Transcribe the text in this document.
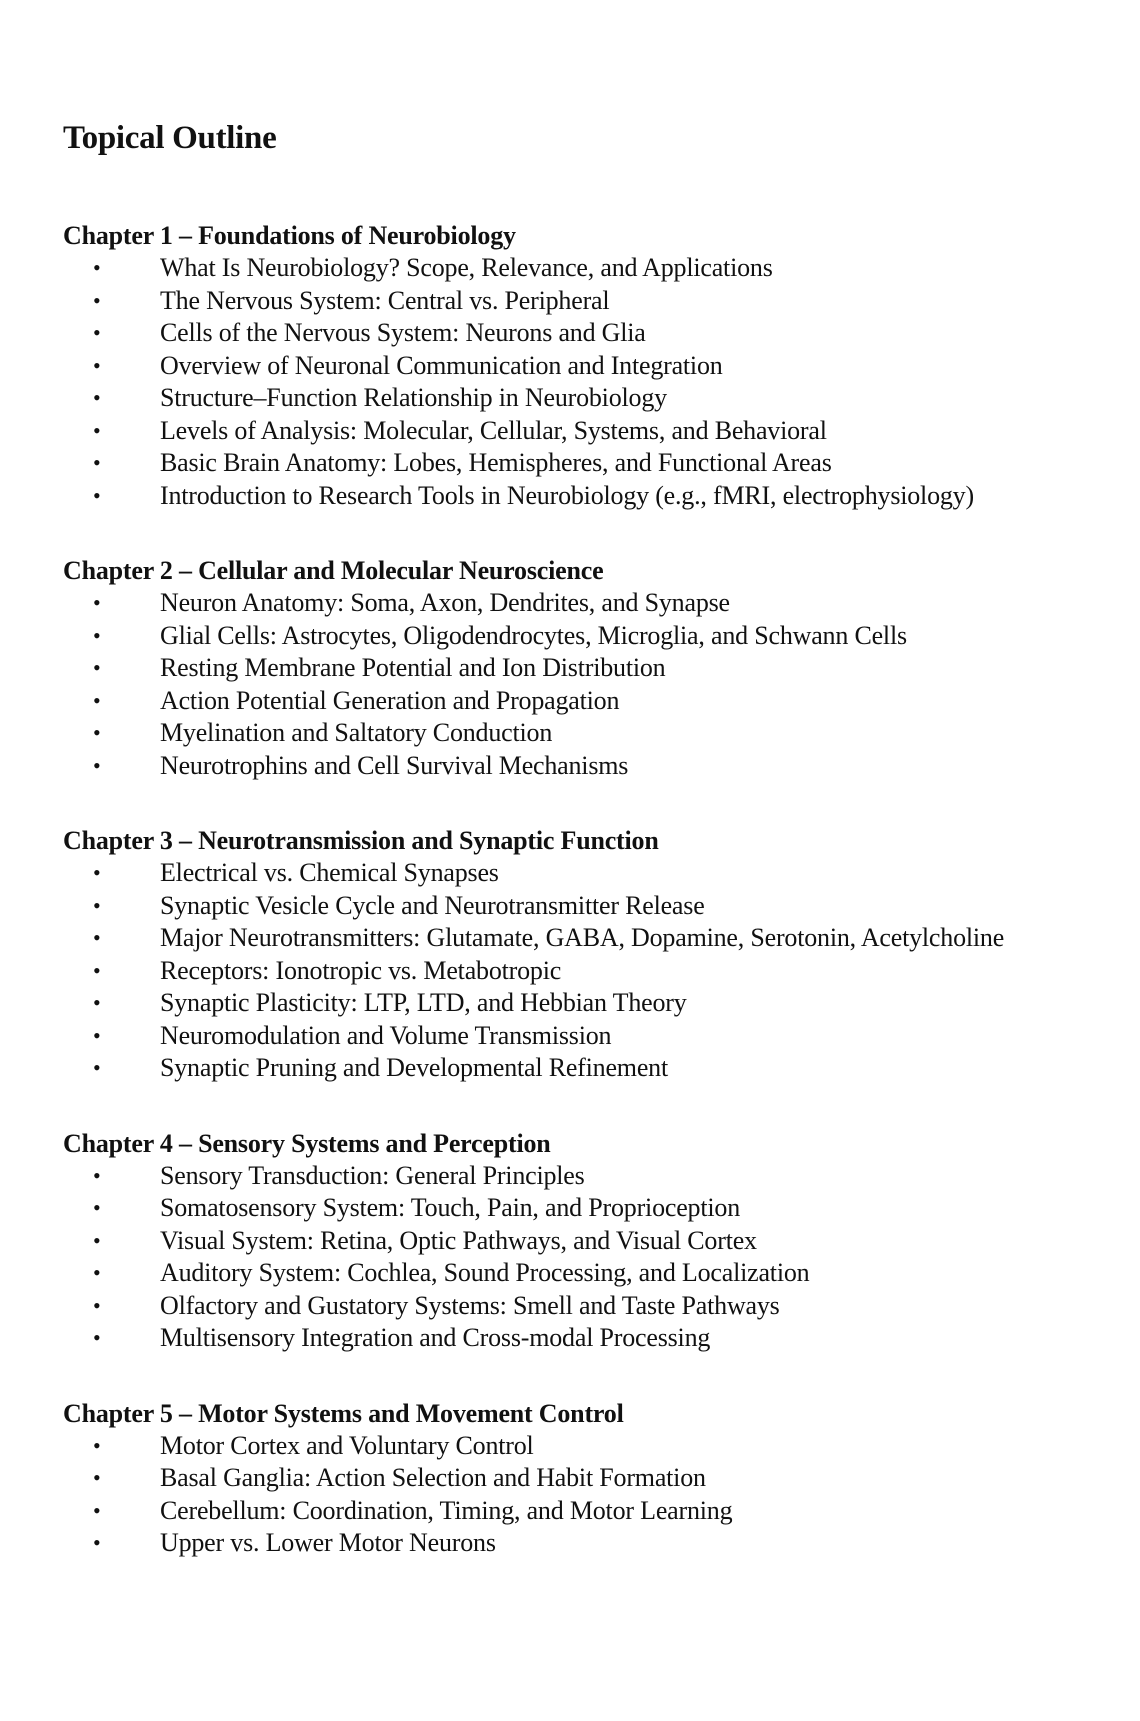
Topical Outline
Chapter 1 – Foundations of Neurobiology
• What Is Neurobiology? Scope, Relevance, and Applications
• The Nervous System: Central vs. Peripheral
• Cells of the Nervous System: Neurons and Glia
• Overview of Neuronal Communication and Integration
• Structure–Function Relationship in Neurobiology
• Levels of Analysis: Molecular, Cellular, Systems, and Behavioral
• Basic Brain Anatomy: Lobes, Hemispheres, and Functional Areas
• Introduction to Research Tools in Neurobiology (e.g., fMRI, electrophysiology)
Chapter 2 – Cellular and Molecular Neuroscience
• Neuron Anatomy: Soma, Axon, Dendrites, and Synapse
• Glial Cells: Astrocytes, Oligodendrocytes, Microglia, and Schwann Cells
• Resting Membrane Potential and Ion Distribution
• Action Potential Generation and Propagation
• Myelination and Saltatory Conduction
• Neurotrophins and Cell Survival Mechanisms
Chapter 3 – Neurotransmission and Synaptic Function
• Electrical vs. Chemical Synapses
• Synaptic Vesicle Cycle and Neurotransmitter Release
• Major Neurotransmitters: Glutamate, GABA, Dopamine, Serotonin, Acetylcholine
• Receptors: Ionotropic vs. Metabotropic
• Synaptic Plasticity: LTP, LTD, and Hebbian Theory
• Neuromodulation and Volume Transmission
• Synaptic Pruning and Developmental Refinement
Chapter 4 – Sensory Systems and Perception
• Sensory Transduction: General Principles
• Somatosensory System: Touch, Pain, and Proprioception
• Visual System: Retina, Optic Pathways, and Visual Cortex
• Auditory System: Cochlea, Sound Processing, and Localization
• Olfactory and Gustatory Systems: Smell and Taste Pathways
• Multisensory Integration and Cross-modal Processing
Chapter 5 – Motor Systems and Movement Control
• Motor Cortex and Voluntary Control
• Basal Ganglia: Action Selection and Habit Formation
• Cerebellum: Coordination, Timing, and Motor Learning
• Upper vs. Lower Motor Neurons
